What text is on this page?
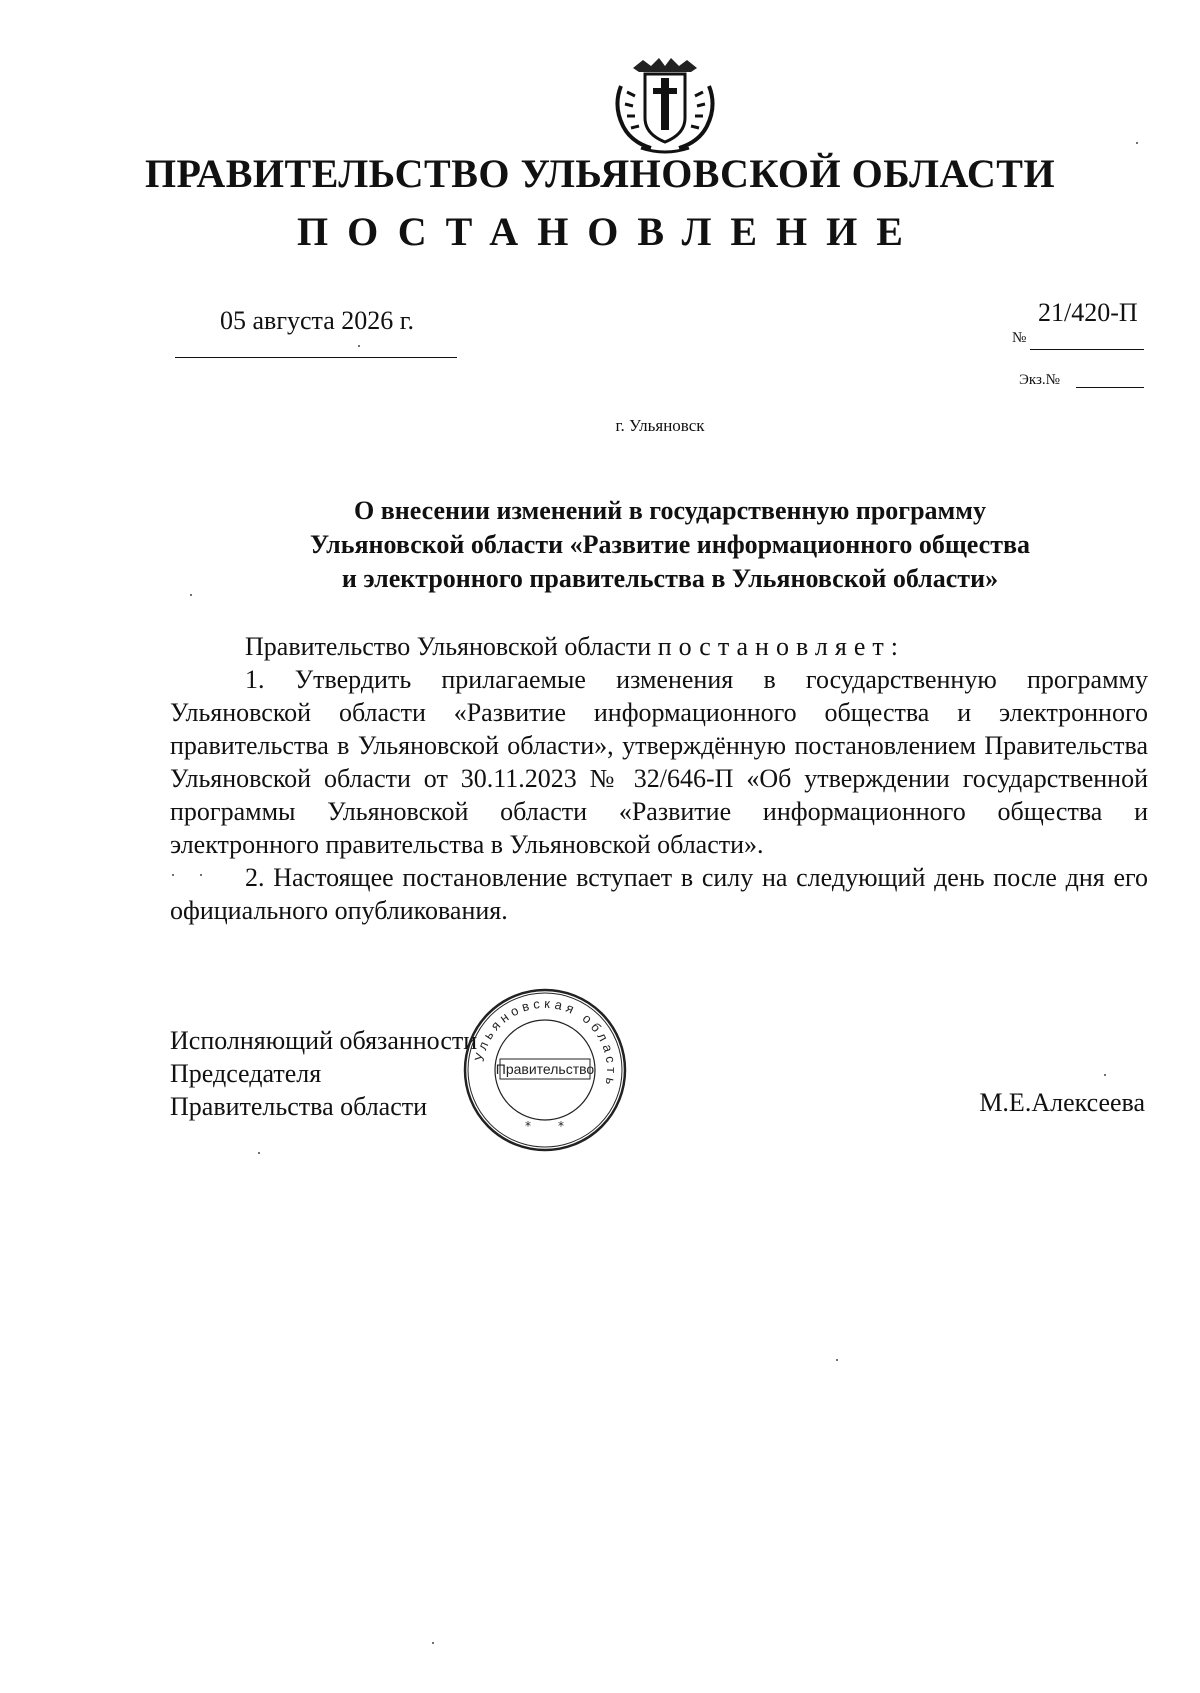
ПРАВИТЕЛЬСТВО УЛЬЯНОВСКОЙ ОБЛАСТИ
ПОСТАНОВЛЕНИЕ
05 августа 2026 г.
№
21/420-П
Экз.№
г. Ульяновск
О внесении изменений в государственную программу
Ульяновской области «Развитие информационного общества
и электронного правительства в Ульяновской области»

Правительство Ульяновской области постановляет:

1. Утвердить прилагаемые изменения в государственную программу Ульяновской области «Развитие информационного общества и электронного правительства в Ульяновской области», утверждённую постановлением Правительства Ульяновской области от 30.11.2023 № 32/646-П «Об утверждении государственной программы Ульяновской области «Развитие информационного общества и электронного правительства в Ульяновской области».

2. Настоящее постановление вступает в силу на следующий день после дня его официального опубликования.

Исполняющий обязанности
Председателя
Правительства области	М.Е.Алексеева
Ульяновская область
Правительство
* *
